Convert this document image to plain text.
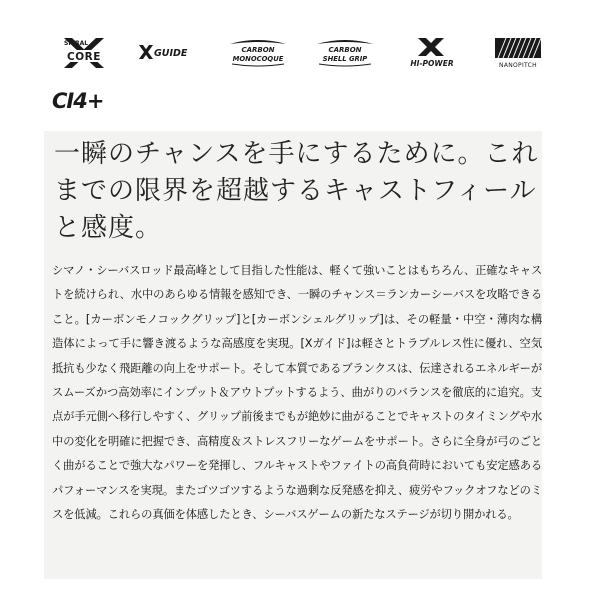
SPIRAL
CORE	GUIDE	CARBON
MONOCOQUE
CARBON
SHELL GRIP	HI-POWER	NANOPITCH
CI4+
一瞬のチャンスを手にするために。これまでの限界を超越するキャストフィールと感度。

シマノ・シーバスロッド最高峰として目指した性能は、軽くて強いことはもちろん、正確なキャストを続けられ、水中のあらゆる情報を感知でき、一瞬のチャンス＝ランカーシーバスを攻略できること。[カーボンモノコックグリップ]と[カーボンシェルグリップ]は、その軽量・中空・薄肉な構造体によって手に響き渡るような高感度を実現。[Xガイド]は軽さとトラブルレス性に優れ、空気抵抗も少なく飛距離の向上をサポート。そして本質であるブランクスは、伝達されるエネルギーがスムーズかつ高効率にインプット＆アウトプットするよう、曲がりのバランスを徹底的に追究。支点が手元側へ移行しやすく、グリップ前後までもが絶妙に曲がることでキャストのタイミングや水中の変化を明確に把握でき、高精度＆ストレスフリーなゲームをサポート。さらに全身が弓のごとく曲がることで強大なパワーを発揮し、フルキャストやファイトの高負荷時においても安定感あるパフォーマンスを実現。またゴツゴツするような過剰な反発感を抑え、疲労やフックオフなどのミスを低減。これらの真価を体感したとき、シーバスゲームの新たなステージが切り開かれる。
